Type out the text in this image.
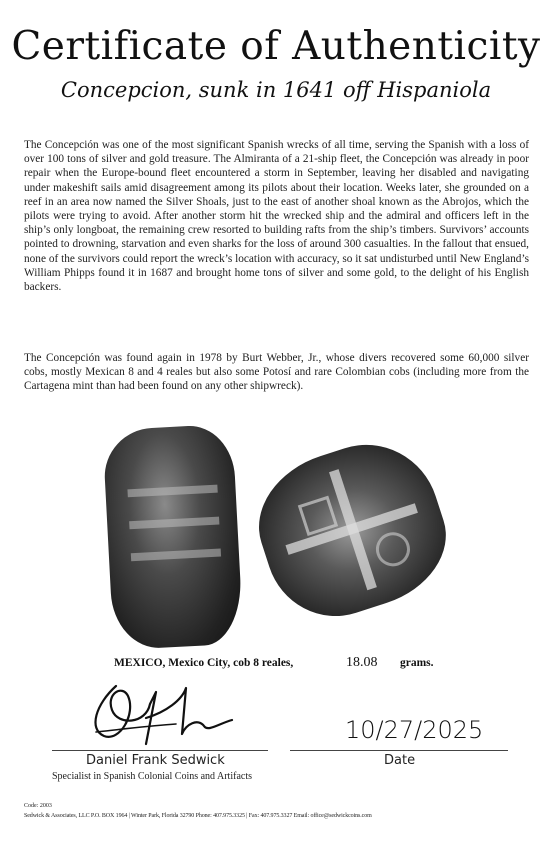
Certificate of Authenticity
Concepcion, sunk in 1641 off Hispaniola

The Concepción was one of the most significant Spanish wrecks of all time, serving the Spanish with a loss of over 100 tons of silver and gold treasure. The Almiranta of a 21-ship fleet, the Concepción was already in poor repair when the Europe-bound fleet encountered a storm in September, leaving her disabled and navigating under makeshift sails amid disagreement among its pilots about their location. Weeks later, she grounded on a reef in an area now named the Silver Shoals, just to the east of another shoal known as the Abrojos, which the pilots were trying to avoid. After another storm hit the wrecked ship and the admiral and officers left in the ship’s only longboat, the remaining crew resorted to building rafts from the ship’s timbers. Survivors’ accounts pointed to drowning, starvation and even sharks for the loss of around 300 casualties. In the fallout that ensued, none of the survivors could report the wreck’s location with accuracy, so it sat undisturbed until New England’s William Phipps found it in 1687 and brought home tons of silver and some gold, to the delight of his English backers.

The Concepción was found again in 1978 by Burt Webber, Jr., whose divers recovered some 60,000 silver cobs, mostly Mexican 8 and 4 reales but also some Potosí and rare Colombian cobs (including more from the Cartagena mint than had been found on any other shipwreck).

MEXICO, Mexico City, cob 8 reales,	18.08 grams.
10/27/2025
Daniel Frank Sedwick	Date
Specialist in Spanish Colonial Coins and Artifacts
Code: 2003
Sedwick & Associates, LLC P.O. BOX 1964 | Winter Park, Florida 32790 Phone: 407.975.3325 | Fax: 407.975.3327 Email: office@sedwickcoins.com
